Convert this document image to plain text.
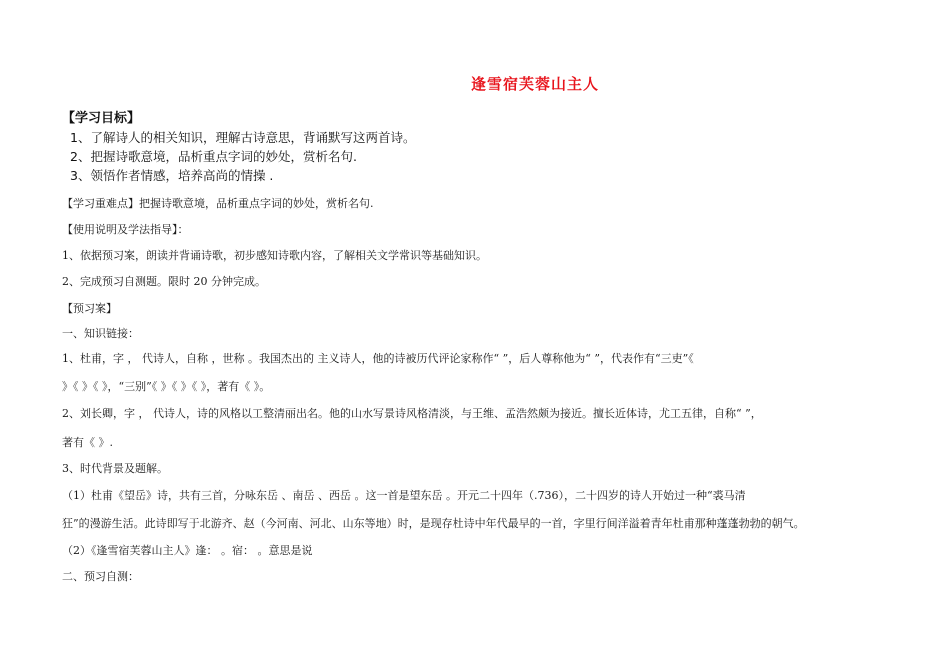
逢雪宿芙蓉山主人
【学习目标】
1、了解诗人的相关知识，理解古诗意思，背诵默写这两首诗。
2、把握诗歌意境，品析重点字词的妙处，赏析名句.
3、领悟作者情感，培养高尚的情操 .
【学习重难点】把握诗歌意境，品析重点字词的妙处，赏析名句.
【使用说明及学法指导】：
1、依据预习案，朗读并背诵诗歌，初步感知诗歌内容，了解相关文学常识等基础知识。
2、完成预习自测题。限时 20 分钟完成。
【预习案】
一、知识链接：
1、杜甫，字 ， 代诗人，自称 ，世称 。我国杰出的 主义诗人，他的诗被历代评论家称作“ ”，后人尊称他为“ ”，代表作有“三吏”《
》《 》《 》，“三别”《 》《 》《 》，著有《 》。
2、刘长卿，字 ， 代诗人，诗的风格以工整清丽出名。他的山水写景诗风格清淡，与王维、孟浩然颇为接近。擅长近体诗，尤工五律，自称“ ”，
著有《 》.
3、时代背景及题解。
（1）杜甫《望岳》诗，共有三首，分咏东岳 、南岳 、西岳 。这一首是望东岳 。开元二十四年（.736），二十四岁的诗人开始过一种“裘马清
狂”的漫游生活。此诗即写于北游齐、赵（今河南、河北、山东等地）时，是现存杜诗中年代最早的一首，字里行间洋溢着青年杜甫那种蓬蓬勃勃的朝气。
（2）《逢雪宿芙蓉山主人》逢： 。宿： 。意思是说
二、预习自测：
